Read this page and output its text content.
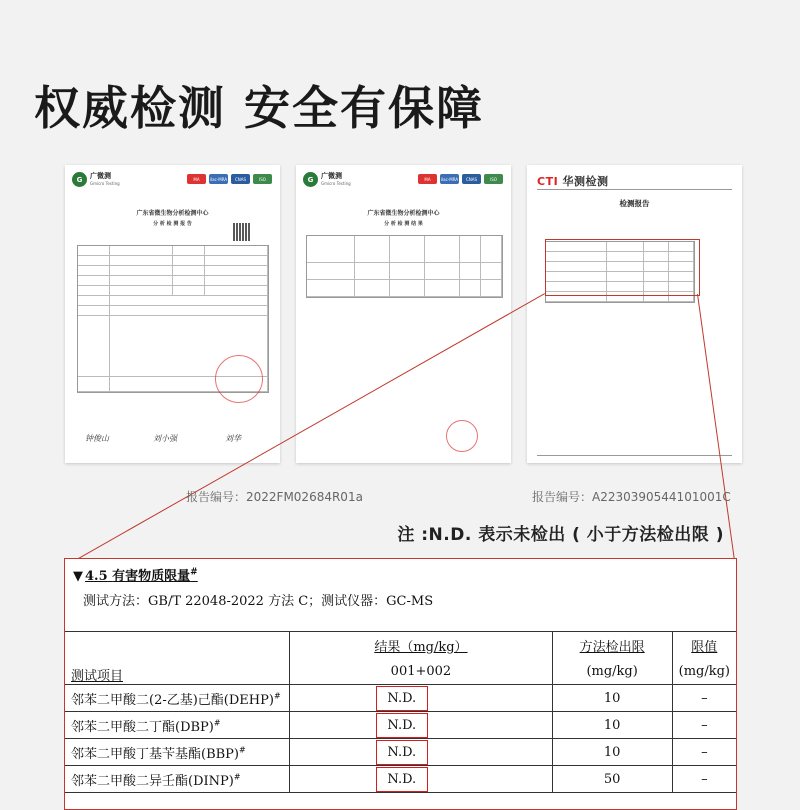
权威检测 安全有保障
G	广微测
Gmicro Testing
MA	ilac-MRA	CNAS	ISO
广东省微生物分析检测中心
分 析 检 测 报 告
钟俊山	刘小强	刘华
G	广微测
Gmicro Testing
MA	ilac-MRA	CNAS	ISO
广东省微生物分析检测中心
分 析 检 测 结 果
CTI 华测检测
检测报告
报告编号：2022FM02684R01a	报告编号：A2230390544101001C
注 :N.D. 表示未检出 ( 小于方法检出限 )
▼ 4.5 有害物质限量#
测试方法：GB/T 22048-2022 方法 C；测试仪器：GC-MS
测试项目	结果（mg/kg）			方法检出限	限值
	001+002			(mg/kg)	(mg/kg)
邻苯二甲酸二(2-乙基)己酯(DEHP)#		N.D.		10	–
邻苯二甲酸二丁酯(DBP)#		N.D.		10	–
邻苯二甲酸丁基苄基酯(BBP)#		N.D.		10	–
邻苯二甲酸二异壬酯(DINP)#		N.D.		50	–
